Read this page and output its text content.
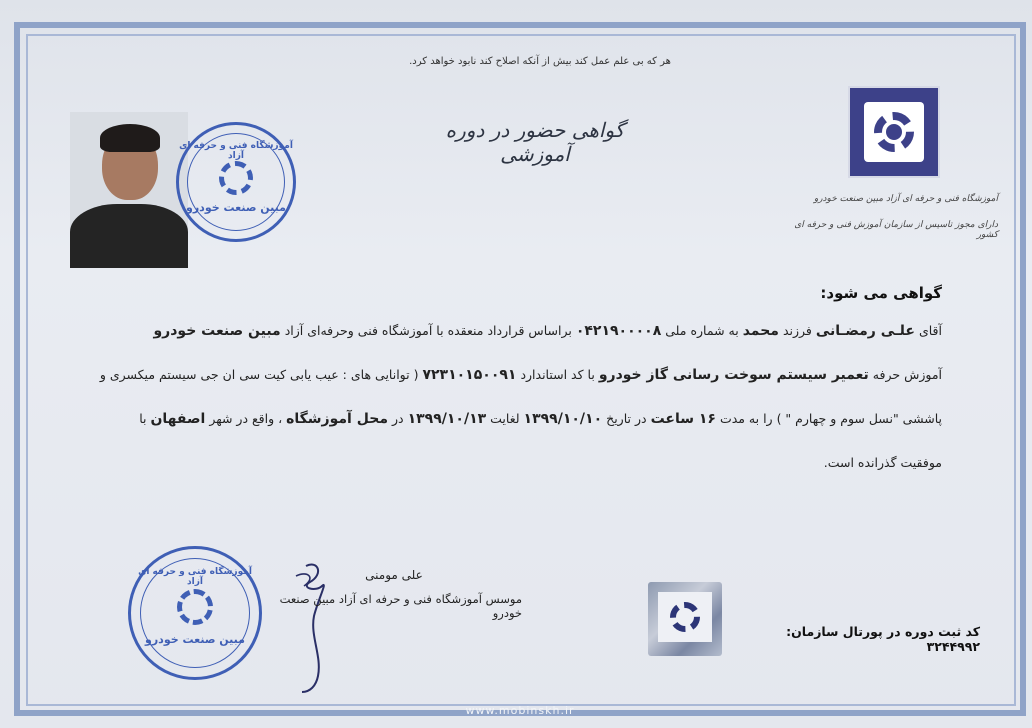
هر که بی علم عمل کند بیش از آنکه اصلاح کند نابود خواهد کرد.
گواهی حضور در دوره آموزشی
آموزشگاه فنی و حرفه ای آزاد مبین صنعت خودرو
دارای مجوز تاسیس از سازمان آموزش فنی و حرفه ای کشور
آموزشگاه فنی و حرفه ای آزاد
مبین صنعت خودرو
گواهی می شود:
آقای علـی رمضـانی فرزند محمد به شماره ملی ۰۴۲۱۹۰۰۰۰۸ براساس قرارداد منعقده با آموزشگاه فنی وحرفه‌ای آزاد مبین صنعت خودرو
آموزش حرفه تعمیر سیستم سوخت رسانی گاز خودرو با کد استاندارد ۷۲۳۱۰۱۵۰۰۹۱ ( توانایی های : عیب یابی کیت سی ان جی سیستم میکسری و
پاششی "نسل سوم و چهارم " ) را به مدت ۱۶ ساعت در تاریخ ۱۳۹۹/۱۰/۱۰ لغایت ۱۳۹۹/۱۰/۱۳ در محل آموزشگاه ، واقع در شهر اصفهان با
موفقیت گذرانده است.
آموزشگاه فنی و حرفه ای آزاد
مبین صنعت خودرو
علی مومنی
موسس آموزشگاه فنی و حرفه ای آزاد مبین صنعت خودرو
کد ثبت دوره در پورتال سازمان: ۳۲۴۴۹۹۲
www.mobinskh.ir
